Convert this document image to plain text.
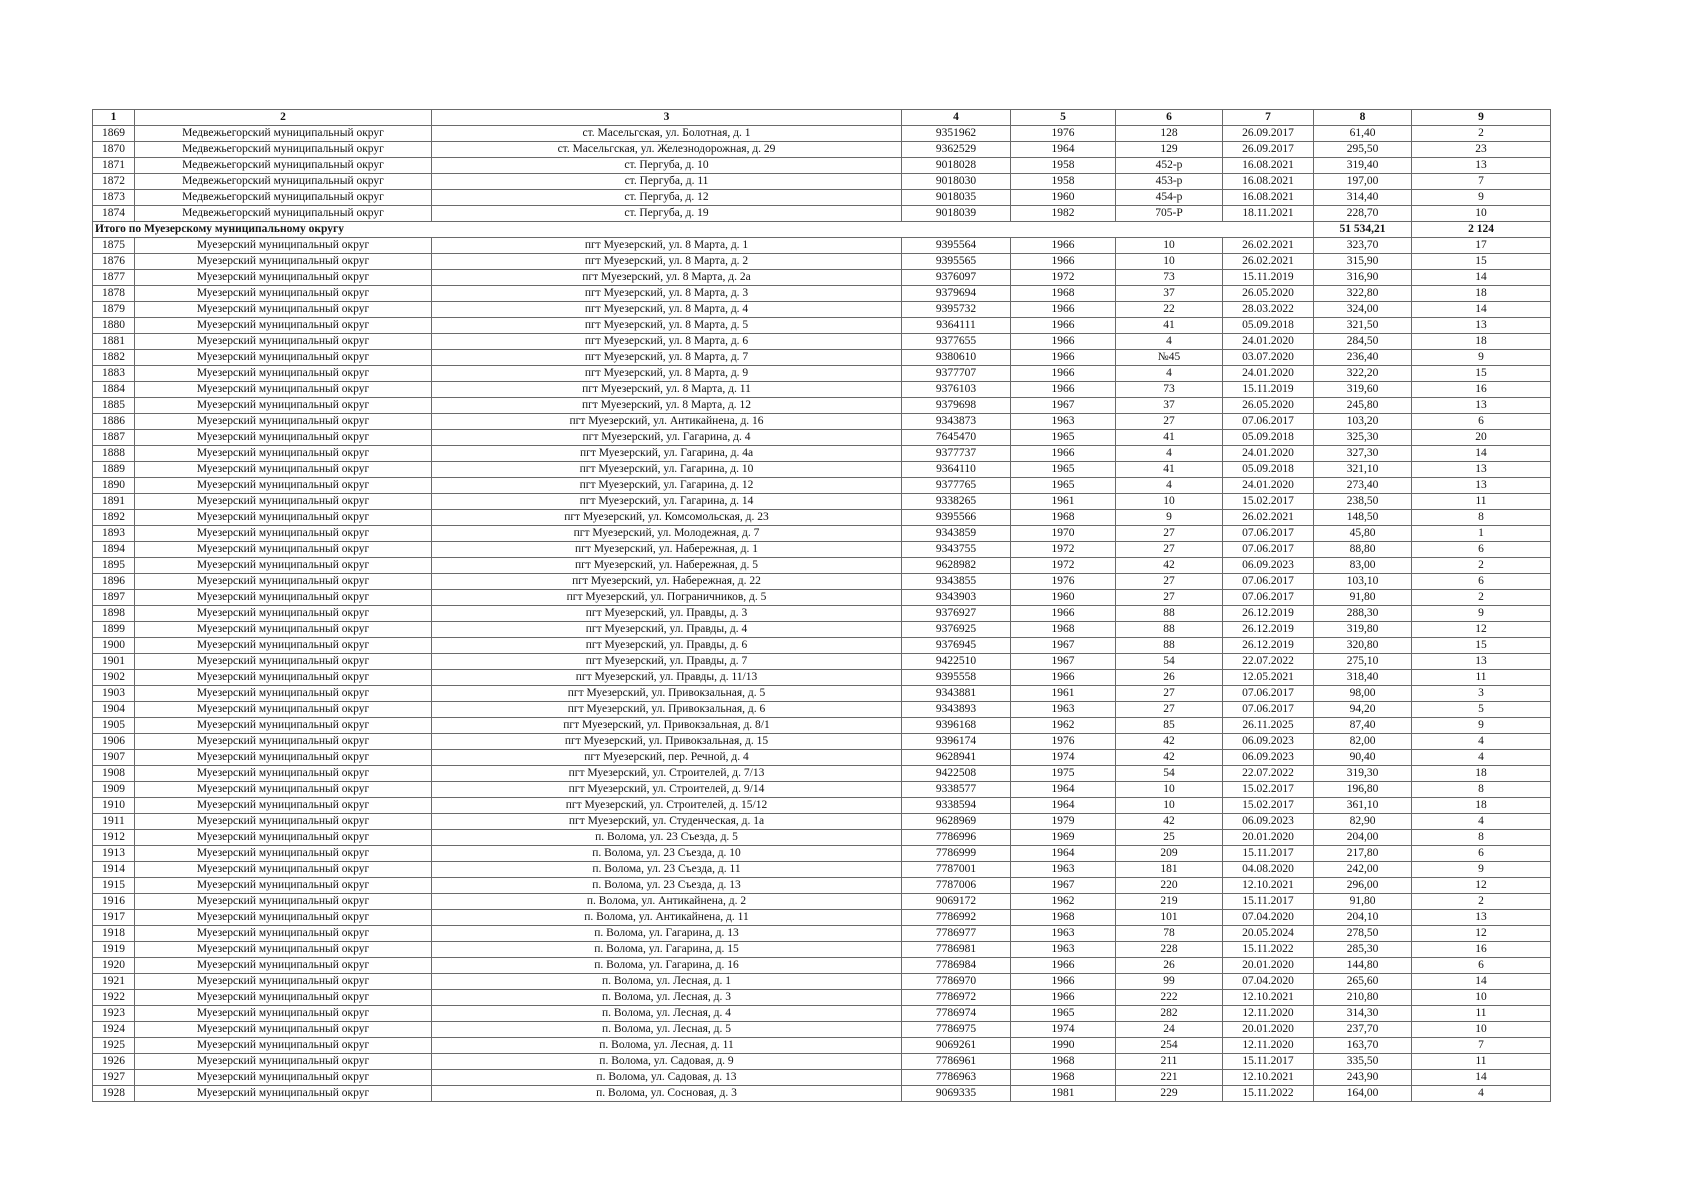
1	2	3	4	5	6	7	8	9
1869	Медвежьегорский муниципальный округ	ст. Масельгская, ул. Болотная, д. 1	9351962	1976	128	26.09.2017	61,40	2
1870	Медвежьегорский муниципальный округ	ст. Масельгская, ул. Железнодорожная, д. 29	9362529	1964	129	26.09.2017	295,50	23
1871	Медвежьегорский муниципальный округ	ст. Пергуба, д. 10	9018028	1958	452-р	16.08.2021	319,40	13
1872	Медвежьегорский муниципальный округ	ст. Пергуба, д. 11	9018030	1958	453-р	16.08.2021	197,00	7
1873	Медвежьегорский муниципальный округ	ст. Пергуба, д. 12	9018035	1960	454-р	16.08.2021	314,40	9
1874	Медвежьегорский муниципальный округ	ст. Пергуба, д. 19	9018039	1982	705-Р	18.11.2021	228,70	10
Итого по Муезерскому муниципальному округу							51 534,21	2 124
1875	Муезерский муниципальный округ	пгт Муезерский, ул. 8 Марта, д. 1	9395564	1966	10	26.02.2021	323,70	17
1876	Муезерский муниципальный округ	пгт Муезерский, ул. 8 Марта, д. 2	9395565	1966	10	26.02.2021	315,90	15
1877	Муезерский муниципальный округ	пгт Муезерский, ул. 8 Марта, д. 2а	9376097	1972	73	15.11.2019	316,90	14
1878	Муезерский муниципальный округ	пгт Муезерский, ул. 8 Марта, д. 3	9379694	1968	37	26.05.2020	322,80	18
1879	Муезерский муниципальный округ	пгт Муезерский, ул. 8 Марта, д. 4	9395732	1966	22	28.03.2022	324,00	14
1880	Муезерский муниципальный округ	пгт Муезерский, ул. 8 Марта, д. 5	9364111	1966	41	05.09.2018	321,50	13
1881	Муезерский муниципальный округ	пгт Муезерский, ул. 8 Марта, д. 6	9377655	1966	4	24.01.2020	284,50	18
1882	Муезерский муниципальный округ	пгт Муезерский, ул. 8 Марта, д. 7	9380610	1966	№45	03.07.2020	236,40	9
1883	Муезерский муниципальный округ	пгт Муезерский, ул. 8 Марта, д. 9	9377707	1966	4	24.01.2020	322,20	15
1884	Муезерский муниципальный округ	пгт Муезерский, ул. 8 Марта, д. 11	9376103	1966	73	15.11.2019	319,60	16
1885	Муезерский муниципальный округ	пгт Муезерский, ул. 8 Марта, д. 12	9379698	1967	37	26.05.2020	245,80	13
1886	Муезерский муниципальный округ	пгт Муезерский, ул. Антикайнена, д. 16	9343873	1963	27	07.06.2017	103,20	6
1887	Муезерский муниципальный округ	пгт Муезерский, ул. Гагарина, д. 4	7645470	1965	41	05.09.2018	325,30	20
1888	Муезерский муниципальный округ	пгт Муезерский, ул. Гагарина, д. 4а	9377737	1966	4	24.01.2020	327,30	14
1889	Муезерский муниципальный округ	пгт Муезерский, ул. Гагарина, д. 10	9364110	1965	41	05.09.2018	321,10	13
1890	Муезерский муниципальный округ	пгт Муезерский, ул. Гагарина, д. 12	9377765	1965	4	24.01.2020	273,40	13
1891	Муезерский муниципальный округ	пгт Муезерский, ул. Гагарина, д. 14	9338265	1961	10	15.02.2017	238,50	11
1892	Муезерский муниципальный округ	пгт Муезерский, ул. Комсомольская, д. 23	9395566	1968	9	26.02.2021	148,50	8
1893	Муезерский муниципальный округ	пгт Муезерский, ул. Молодежная, д. 7	9343859	1970	27	07.06.2017	45,80	1
1894	Муезерский муниципальный округ	пгт Муезерский, ул. Набережная, д. 1	9343755	1972	27	07.06.2017	88,80	6
1895	Муезерский муниципальный округ	пгт Муезерский, ул. Набережная, д. 5	9628982	1972	42	06.09.2023	83,00	2
1896	Муезерский муниципальный округ	пгт Муезерский, ул. Набережная, д. 22	9343855	1976	27	07.06.2017	103,10	6
1897	Муезерский муниципальный округ	пгт Муезерский, ул. Пограничников, д. 5	9343903	1960	27	07.06.2017	91,80	2
1898	Муезерский муниципальный округ	пгт Муезерский, ул. Правды, д. 3	9376927	1966	88	26.12.2019	288,30	9
1899	Муезерский муниципальный округ	пгт Муезерский, ул. Правды, д. 4	9376925	1968	88	26.12.2019	319,80	12
1900	Муезерский муниципальный округ	пгт Муезерский, ул. Правды, д. 6	9376945	1967	88	26.12.2019	320,80	15
1901	Муезерский муниципальный округ	пгт Муезерский, ул. Правды, д. 7	9422510	1967	54	22.07.2022	275,10	13
1902	Муезерский муниципальный округ	пгт Муезерский, ул. Правды, д. 11/13	9395558	1966	26	12.05.2021	318,40	11
1903	Муезерский муниципальный округ	пгт Муезерский, ул. Привокзальная, д. 5	9343881	1961	27	07.06.2017	98,00	3
1904	Муезерский муниципальный округ	пгт Муезерский, ул. Привокзальная, д. 6	9343893	1963	27	07.06.2017	94,20	5
1905	Муезерский муниципальный округ	пгт Муезерский, ул. Привокзальная, д. 8/1	9396168	1962	85	26.11.2025	87,40	9
1906	Муезерский муниципальный округ	пгт Муезерский, ул. Привокзальная, д. 15	9396174	1976	42	06.09.2023	82,00	4
1907	Муезерский муниципальный округ	пгт Муезерский, пер. Речной, д. 4	9628941	1974	42	06.09.2023	90,40	4
1908	Муезерский муниципальный округ	пгт Муезерский, ул. Строителей, д. 7/13	9422508	1975	54	22.07.2022	319,30	18
1909	Муезерский муниципальный округ	пгт Муезерский, ул. Строителей, д. 9/14	9338577	1964	10	15.02.2017	196,80	8
1910	Муезерский муниципальный округ	пгт Муезерский, ул. Строителей, д. 15/12	9338594	1964	10	15.02.2017	361,10	18
1911	Муезерский муниципальный округ	пгт Муезерский, ул. Студенческая, д. 1а	9628969	1979	42	06.09.2023	82,90	4
1912	Муезерский муниципальный округ	п. Волома, ул. 23 Съезда, д. 5	7786996	1969	25	20.01.2020	204,00	8
1913	Муезерский муниципальный округ	п. Волома, ул. 23 Съезда, д. 10	7786999	1964	209	15.11.2017	217,80	6
1914	Муезерский муниципальный округ	п. Волома, ул. 23 Съезда, д. 11	7787001	1963	181	04.08.2020	242,00	9
1915	Муезерский муниципальный округ	п. Волома, ул. 23 Съезда, д. 13	7787006	1967	220	12.10.2021	296,00	12
1916	Муезерский муниципальный округ	п. Волома, ул. Антикайнена, д. 2	9069172	1962	219	15.11.2017	91,80	2
1917	Муезерский муниципальный округ	п. Волома, ул. Антикайнена, д. 11	7786992	1968	101	07.04.2020	204,10	13
1918	Муезерский муниципальный округ	п. Волома, ул. Гагарина, д. 13	7786977	1963	78	20.05.2024	278,50	12
1919	Муезерский муниципальный округ	п. Волома, ул. Гагарина, д. 15	7786981	1963	228	15.11.2022	285,30	16
1920	Муезерский муниципальный округ	п. Волома, ул. Гагарина, д. 16	7786984	1966	26	20.01.2020	144,80	6
1921	Муезерский муниципальный округ	п. Волома, ул. Лесная, д. 1	7786970	1966	99	07.04.2020	265,60	14
1922	Муезерский муниципальный округ	п. Волома, ул. Лесная, д. 3	7786972	1966	222	12.10.2021	210,80	10
1923	Муезерский муниципальный округ	п. Волома, ул. Лесная, д. 4	7786974	1965	282	12.11.2020	314,30	11
1924	Муезерский муниципальный округ	п. Волома, ул. Лесная, д. 5	7786975	1974	24	20.01.2020	237,70	10
1925	Муезерский муниципальный округ	п. Волома, ул. Лесная, д. 11	9069261	1990	254	12.11.2020	163,70	7
1926	Муезерский муниципальный округ	п. Волома, ул. Садовая, д. 9	7786961	1968	211	15.11.2017	335,50	11
1927	Муезерский муниципальный округ	п. Волома, ул. Садовая, д. 13	7786963	1968	221	12.10.2021	243,90	14
1928	Муезерский муниципальный округ	п. Волома, ул. Сосновая, д. 3	9069335	1981	229	15.11.2022	164,00	4
